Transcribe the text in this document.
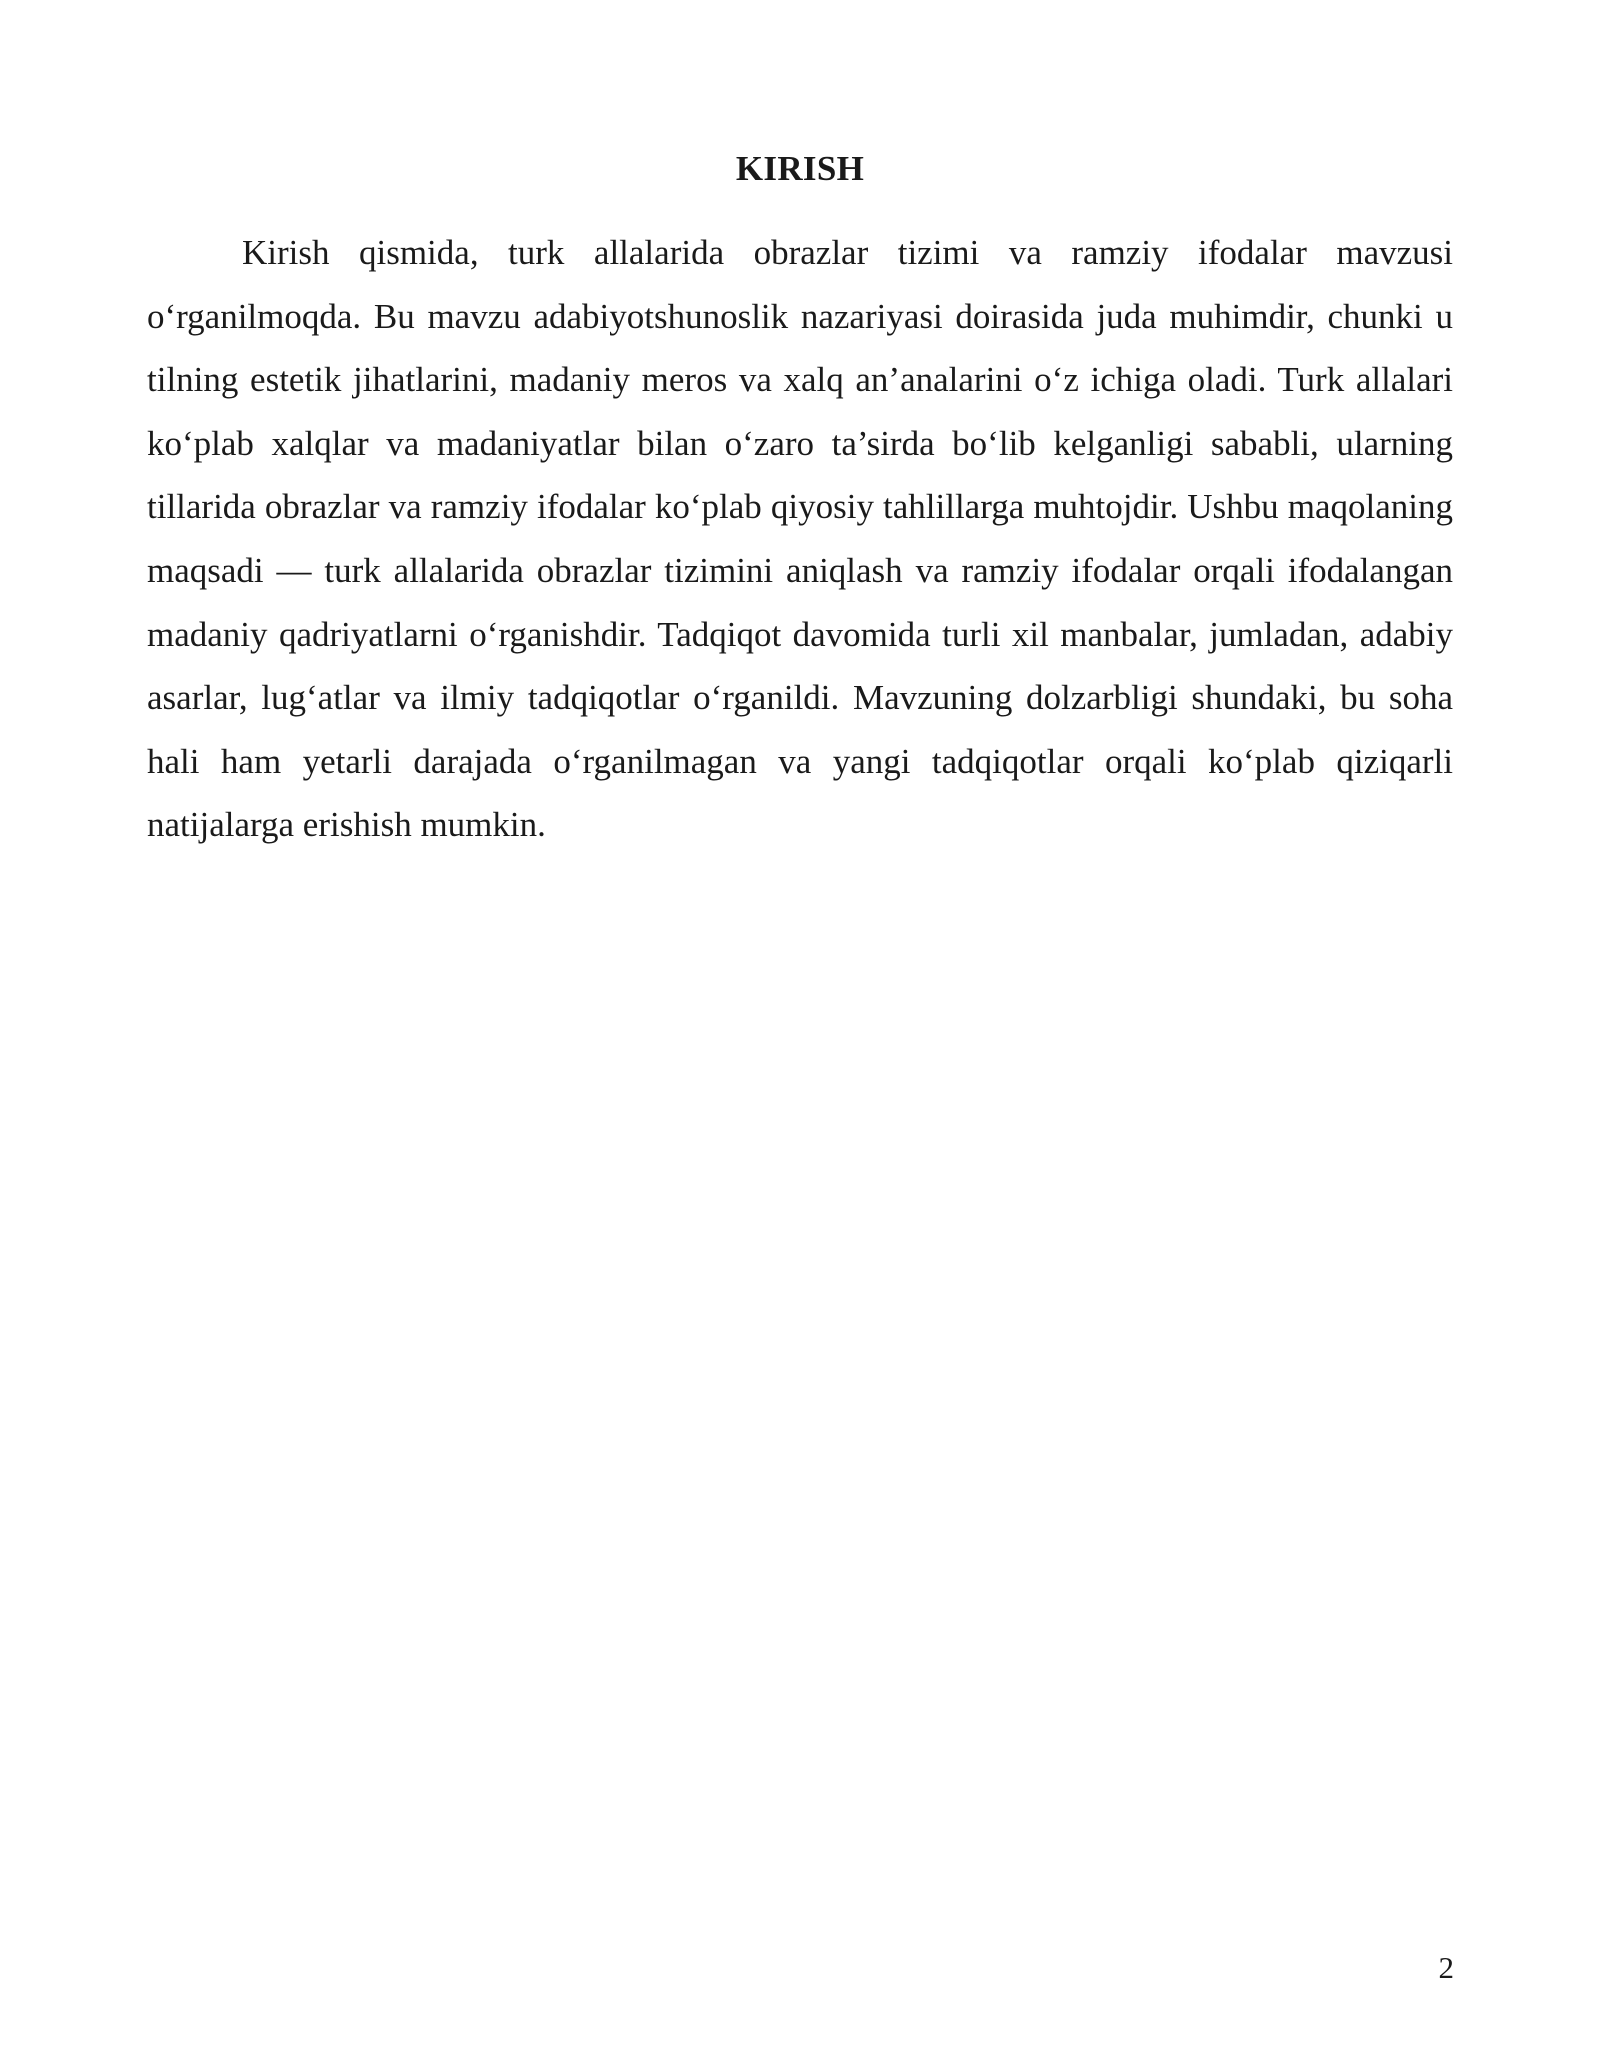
KIRISH

Kirish qismida, turk allalarida obrazlar tizimi va ramziy ifodalar mavzusi o‘rganilmoqda. Bu mavzu adabiyotshunoslik nazariyasi doirasida juda muhimdir, chunki u tilning estetik jihatlarini, madaniy meros va xalq an’analarini o‘z ichiga oladi. Turk allalari ko‘plab xalqlar va madaniyatlar bilan o‘zaro ta’sirda bo‘lib kelganligi sababli, ularning tillarida obrazlar va ramziy ifodalar ko‘plab qiyosiy tahlillarga muhtojdir. Ushbu maqolaning maqsadi — turk allalarida obrazlar tizimini aniqlash va ramziy ifodalar orqali ifodalangan madaniy qadriyatlarni o‘rganishdir. Tadqiqot davomida turli xil manbalar, jumladan, adabiy asarlar, lug‘atlar va ilmiy tadqiqotlar o‘rganildi. Mavzuning dolzarbligi shundaki, bu soha hali ham yetarli darajada o‘rganilmagan va yangi tadqiqotlar orqali ko‘plab qiziqarli natijalarga erishish mumkin.

2
